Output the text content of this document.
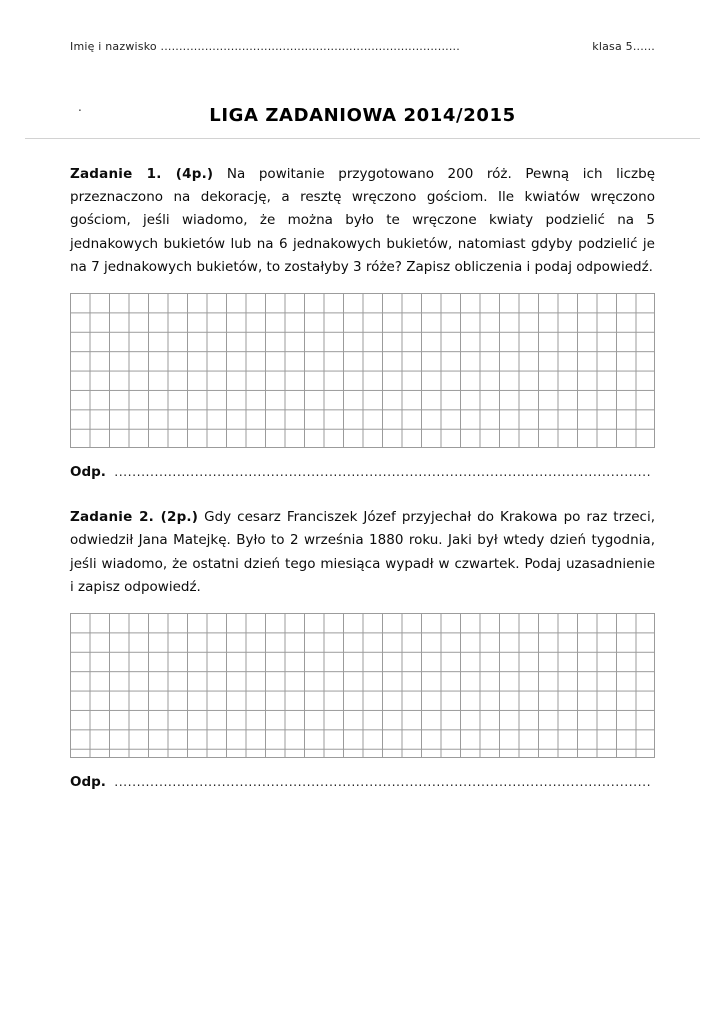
Imię i nazwisko .................................................................................	klasa 5......
.	LIGA ZADANIOWA 2014/2015

Zadanie 1. (4p.) Na powitanie przygotowano 200 róż. Pewną ich liczbę przeznaczono na dekorację, a resztę wręczono gościom. Ile kwiatów wręczono gościom, jeśli wiadomo, że można było te wręczone kwiaty podzielić na 5 jednakowych bukietów lub na 6 jednakowych bukietów, natomiast gdyby podzielić je na 7 jednakowych bukietów, to zostałyby 3 róże? Zapisz obliczenia i podaj odpowiedź.

Odp. ........................................................................................................................

Zadanie 2. (2p.) Gdy cesarz Franciszek Józef przyjechał do Krakowa po raz trzeci, odwiedził Jana Matejkę. Było to 2 września 1880 roku. Jaki był wtedy dzień tygodnia, jeśli wiadomo, że ostatni dzień tego miesiąca wypadł w czwartek. Podaj uzasadnienie i zapisz odpowiedź.

Odp. ........................................................................................................................
